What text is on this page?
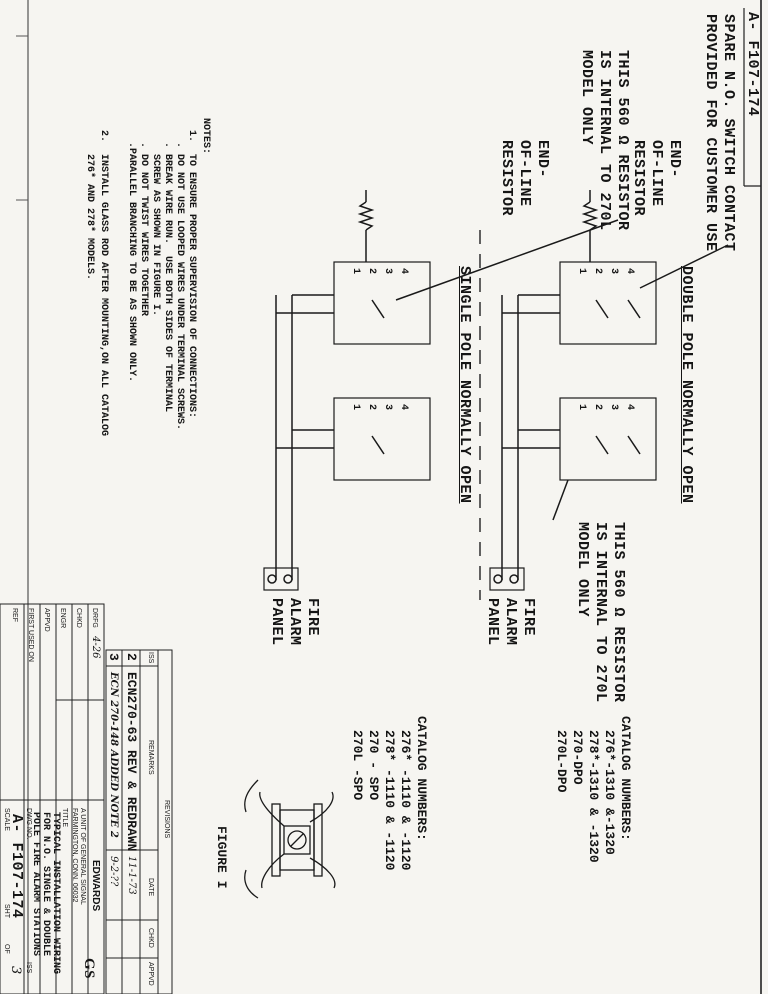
A- F107-174
SPARE N.O. SWITCH CONTACT
PROVIDED FOR CUSTOMER USE
THIS 560 Ω RESISTOR
IS INTERNAL TO 270L
MODEL ONLY
END-
OF-LINE
RESISTOR
END-
OF-LINE
RESISTOR
DOUBLE POLE NORMALLY OPEN
SINGLE POLE NORMALLY OPEN	4
3
2
1
4
3
2
1
4
3
2
1
4
3
2
1
THIS 560 Ω RESISTOR
IS INTERNAL TO 270L
MODEL ONLY
FIRE
ALARM
PANEL
FIRE
ALARM
PANEL
NOTES:
1.  TO ENSURE PROPER SUPERVISION OF CONNECTIONS:
. DO NOT USE LOOPED WIRES UNDER TERMINAL SCREWS.
. BREAK WIRE RUN.  USE BOTH SIDES OF TERMINAL
SCREW AS SHOWN IN FIGURE I.
. DO NOT TWIST WIRES TOGETHER
.PARALLEL BRANCHING TO BE AS SHOWN ONLY.
2.  INSTALL GLASS ROD AFTER MOUNTING,ON ALL CATALOG
276* AND 278* MODELS.
CATALOG NUMBERS:
276*-1310 &-1320
278*-1310 & -1320
270-DPO
270L-DPO
CATALOG NUMBERS:
276* -1110 & -1120
278* -1110 & -1120
270 - SPO
270L -SPO
FIGURE I
REVISIONS
ISS
REMARKS
DATE
CHKD
APPVD
2
ECN270-63 REV & REDRAWN
11-1-73
3
ECN 270-148 ADDED NOTE 2
9-2-??
DRFG
4-26
CHKD
ENGR
APPVD
FIRST USED ON
REF
EDWARDS
A UNIT OF GENERAL SIGNAL
FARMINGTON, CONN. 06032
GS
TITLE
TYPICAL INSTALLATION WIRING
FOR N.O. SINGLE & DOUBLE
POLE FIRE ALARM STATIONS
DWG NO.
A- F107-174
ISS
3
SCALE
SHT
OF
